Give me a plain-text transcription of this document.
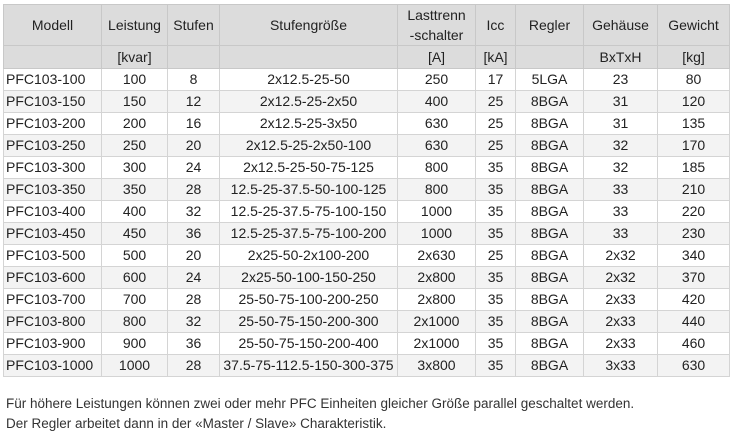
Modell	Leistung	Stufen	Stufengröße	Lasttrenn
-schalter	Icc	Regler	Gehäuse	Gewicht
	[kvar]			[A]	[kA]		BxTxH	[kg]
PFC103-100	100	8	2x12.5-25-50	250	17	5LGA	23	80
PFC103-150	150	12	2x12.5-25-2x50	400	25	8BGA	31	120
PFC103-200	200	16	2x12.5-25-3x50	630	25	8BGA	31	135
PFC103-250	250	20	2x12.5-25-2x50-100	630	25	8BGA	32	170
PFC103-300	300	24	2x12.5-25-50-75-125	800	35	8BGA	32	185
PFC103-350	350	28	12.5-25-37.5-50-100-125	800	35	8BGA	33	210
PFC103-400	400	32	12.5-25-37.5-75-100-150	1000	35	8BGA	33	220
PFC103-450	450	36	12.5-25-37.5-75-100-200	1000	35	8BGA	33	230
PFC103-500	500	20	2x25-50-2x100-200	2x630	25	8BGA	2x32	340
PFC103-600	600	24	2x25-50-100-150-250	2x800	35	8BGA	2x32	370
PFC103-700	700	28	25-50-75-100-200-250	2x800	35	8BGA	2x33	420
PFC103-800	800	32	25-50-75-150-200-300	2x1000	35	8BGA	2x33	440
PFC103-900	900	36	25-50-75-150-200-400	2x1000	35	8BGA	2x33	460
PFC103-1000	1000	28	37.5-75-112.5-150-300-375	3x800	35	8BGA	3x33	630
Für höhere Leistungen können zwei oder mehr PFC Einheiten gleicher Größe parallel geschaltet werden.
Der Regler arbeitet dann in der «Master / Slave» Charakteristik.
